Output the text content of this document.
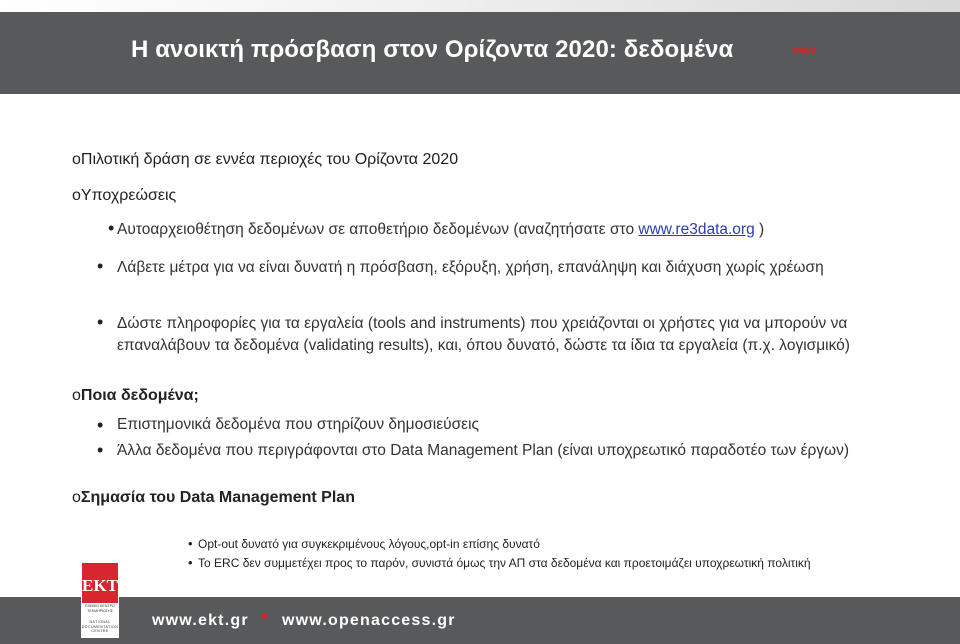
Η ανοικτή πρόσβαση στον Ορίζοντα 2020: δεδομένα	new
oΠιλοτική δράση σε εννέα περιοχές του Ορίζοντα 2020
oΥποχρεώσεις
• Αυτοαρχειοθέτηση δεδομένων σε αποθετήριο δεδομένων (αναζητήσατε στο www.re3data.org )
• Λάβετε μέτρα για να είναι δυνατή η πρόσβαση, εξόρυξη, χρήση, επανάληψη και διάχυση χωρίς χρέωση
• Δώστε πληροφορίες για τα εργαλεία (tools and instruments) που χρειάζονται οι χρήστες για να μπορούν να επαναλάβουν τα δεδομένα (validating results), και, όπου δυνατό, δώστε τα ίδια τα εργαλεία (π.χ. λογισμικό)
oΠοια δεδομένα;
• Επιστημονικά δεδομένα που στηρίζουν δημοσιεύσεις
• Άλλα δεδομένα που περιγράφονται στο Data Management Plan (είναι υποχρεωτικό παραδοτέο των έργων)
oΣημασία του Data Management Plan
• Opt-out δυνατό για συγκεκριμένους λόγους,opt-in επίσης δυνατό
• Το ERC δεν συμμετέχει προς το παρόν, συνιστά όμως την ΑΠ στα δεδομένα και προετοιμάζει υποχρεωτική πολιτική
www.ekt.gr • www.openaccess.gr
EKT
ΕΘΝΙΚΟ ΚΕΝΤΡΟ ΤΕΚΜΗΡΙΩΣΗΣ
NATIONAL DOCUMENTATION CENTRE
